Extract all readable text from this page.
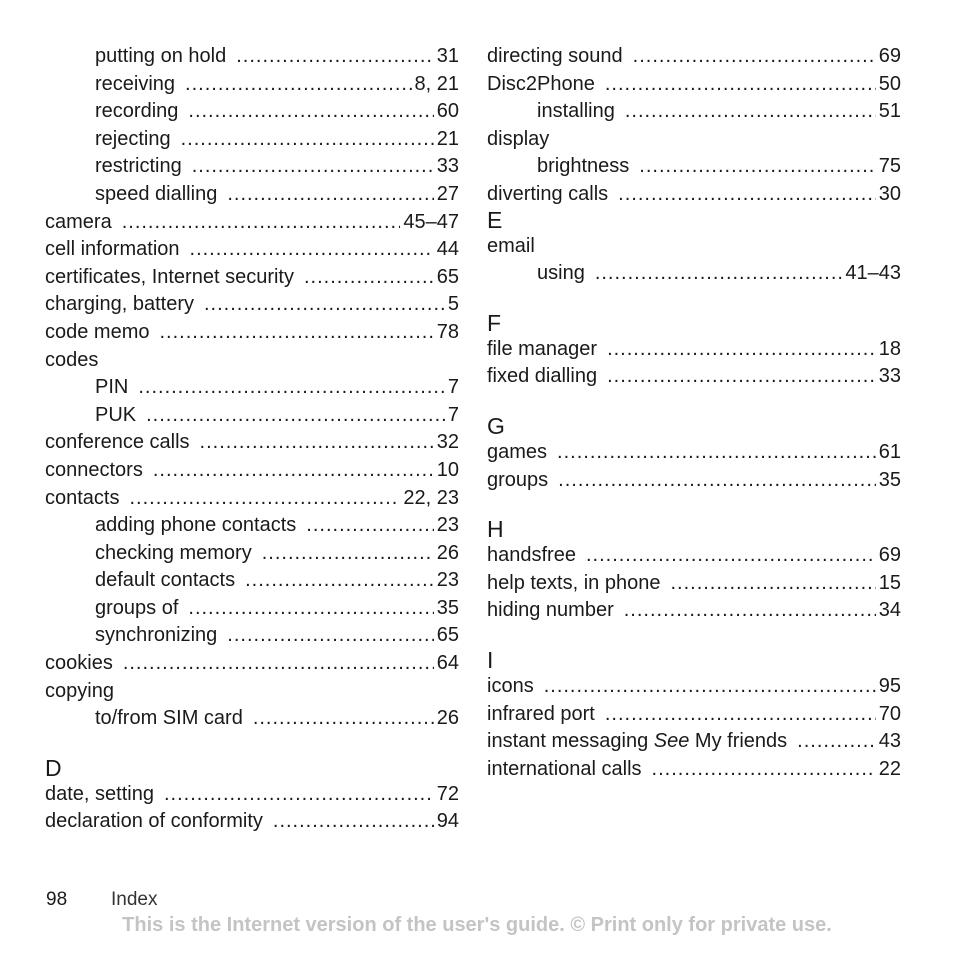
putting on hold .....	31
receiving .....	8, 21
recording .....	60
rejecting .....	21
restricting .....	33
speed dialling .....	27
camera .....	45–47
cell information .....	44
certificates, Internet security .....	65
charging, battery .....	5
code memo .....	78
codes
PIN .....	7
PUK .....	7
conference calls .....	32
connectors .....	10
contacts .....	22, 23
adding phone contacts .....	23
checking memory .....	26
default contacts .....	23
groups of .....	35
synchronizing .....	65
cookies .....	64
copying
to/from SIM card .....	26
D
date, setting .....	72
declaration of conformity .....	94
directing sound .....	69
Disc2Phone .....	50
installing .....	51
display
brightness .....	75
diverting calls .....	30
E
email
using .....	41–43
F
file manager .....	18
fixed dialling .....	33
G
games .....	61
groups .....	35
H
handsfree .....	69
help texts, in phone .....	15
hiding number .....	34
I
icons .....	95
infrared port .....	70
instant messaging
See
My friends .....	43
international calls .....	22
98 Index
This is the Internet version of the user's guide. © Print only for private use.
